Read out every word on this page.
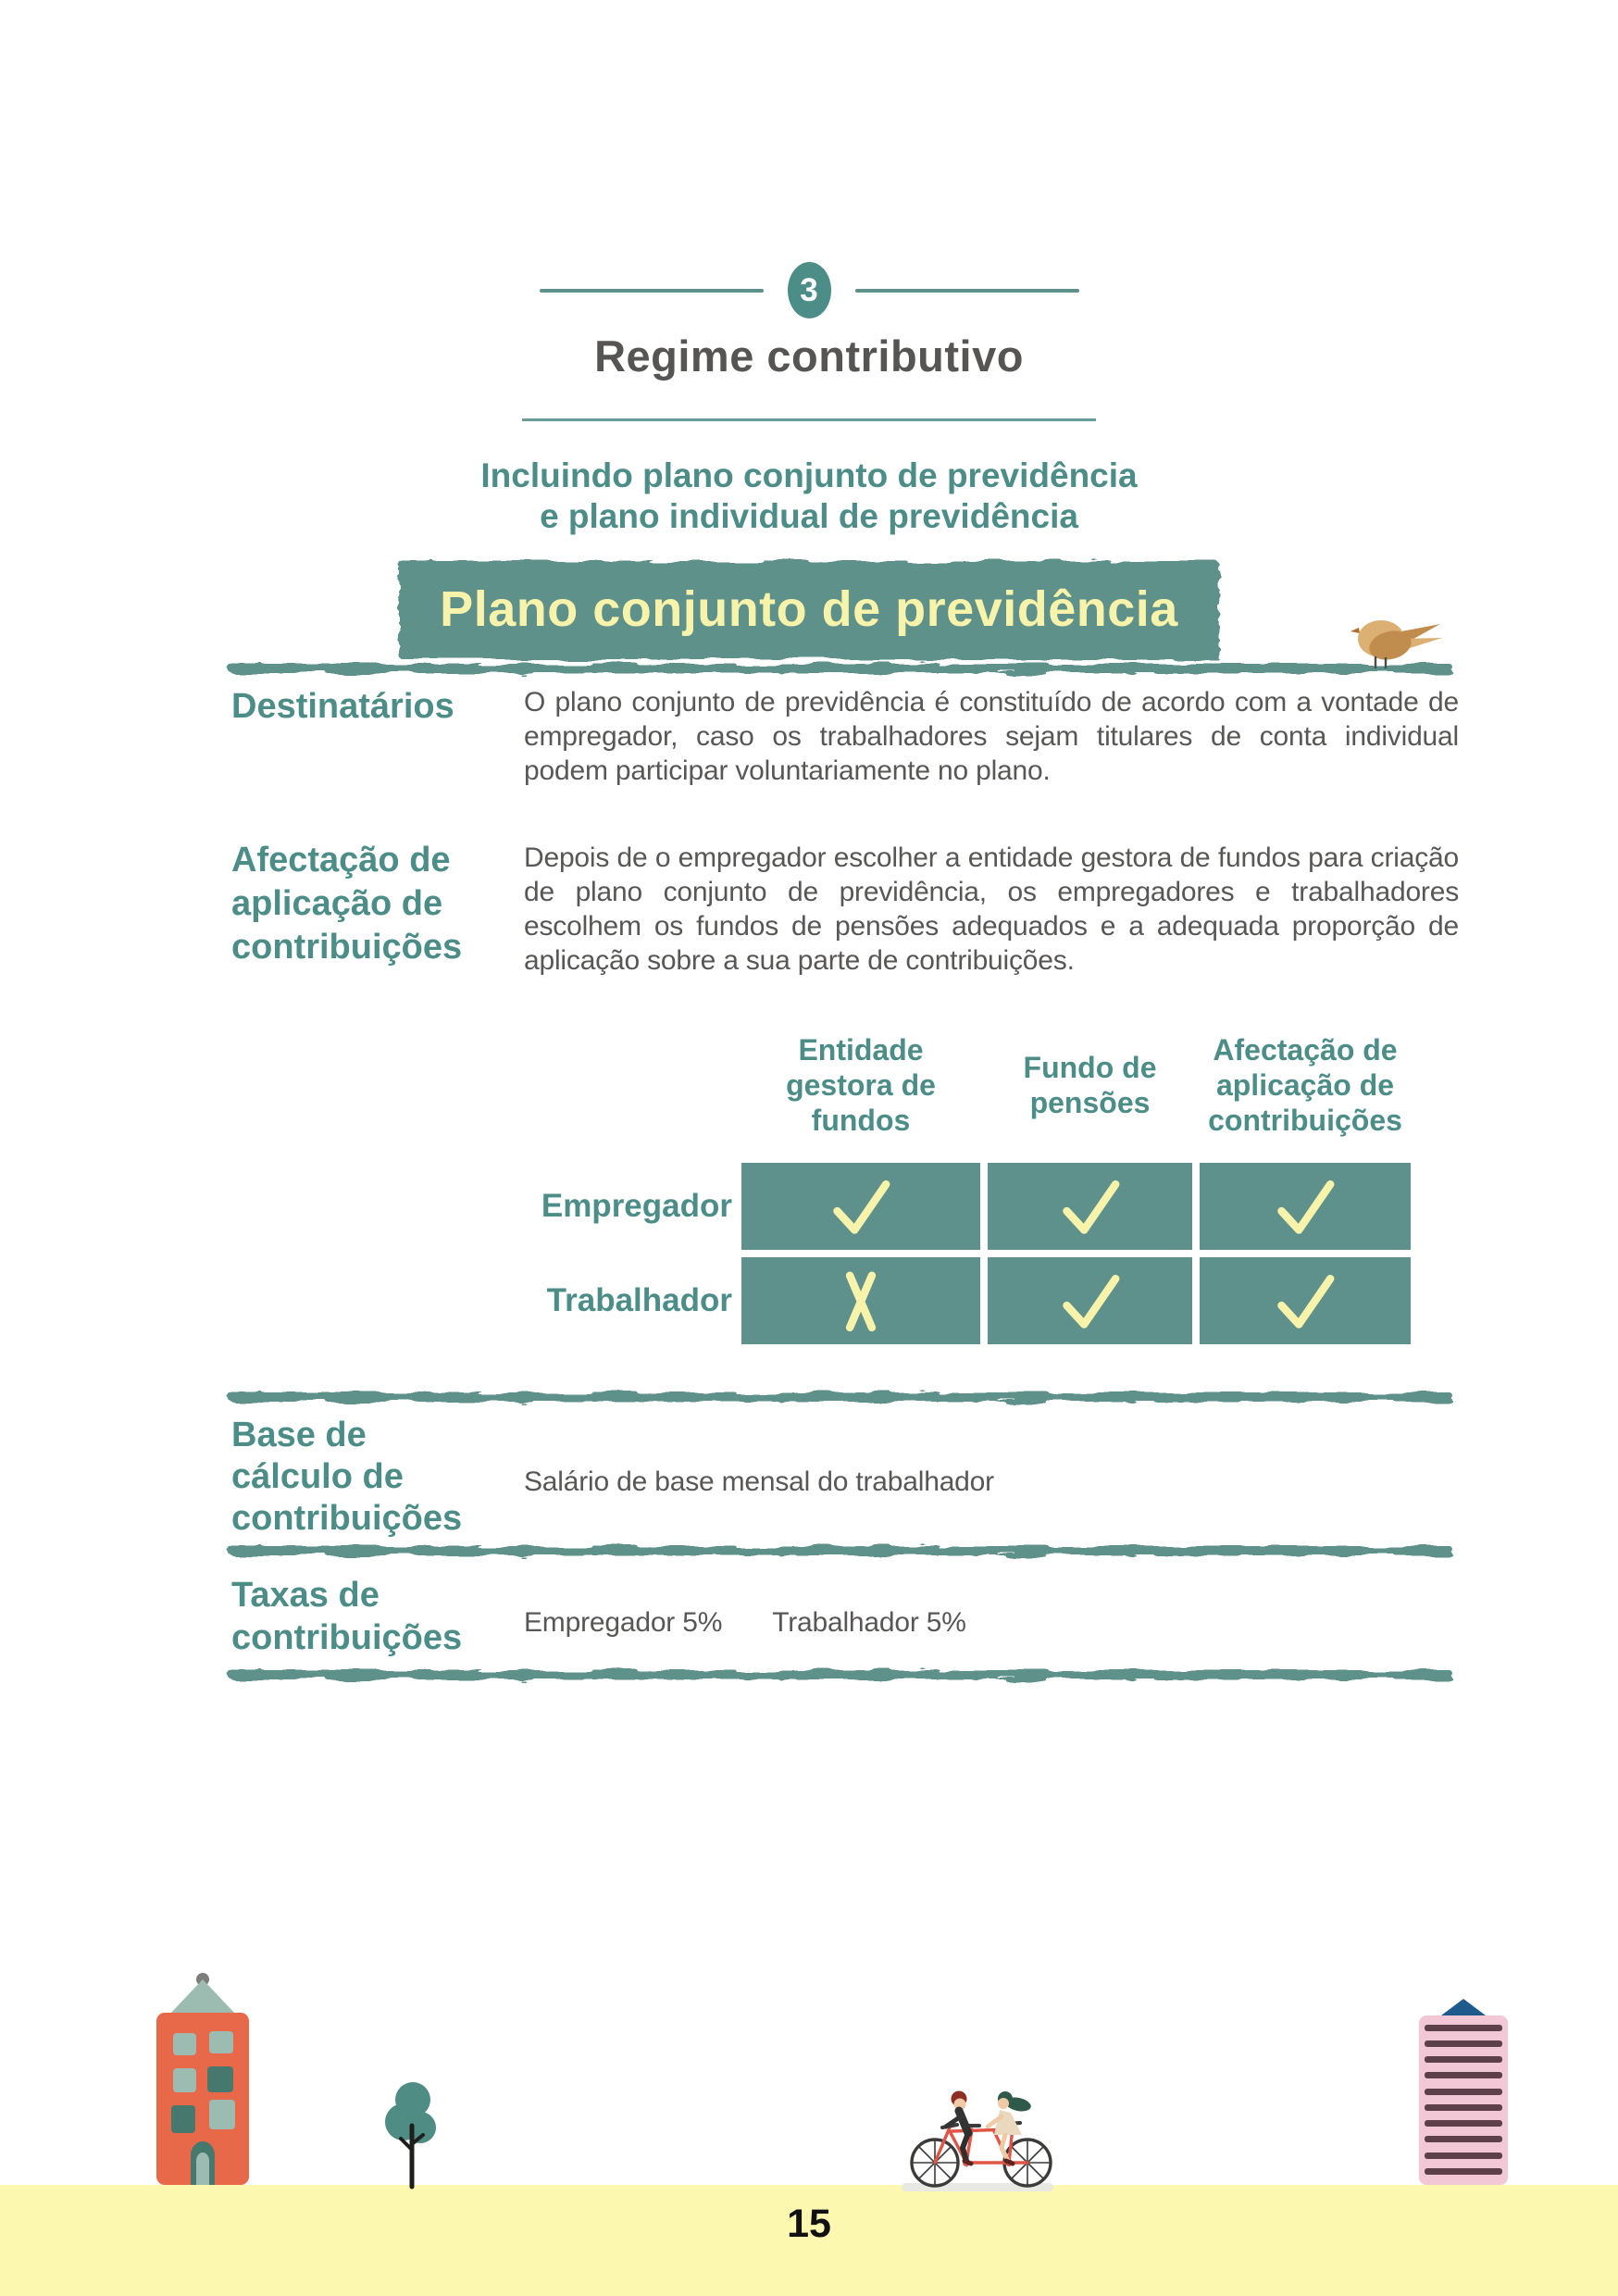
3
Regime contributivo
Incluindo plano conjunto de previdência
e plano individual de previdência
Plano conjunto de previdência
Destinatários	O plano conjunto de previdência é constituído de acordo com a vontade de empregador, caso os trabalhadores sejam titulares de conta individual podem participar voluntariamente no plano.
Afectação de aplicação de contribuições
Depois de o empregador escolher a entidade gestora de fundos para criação de plano conjunto de previdência, os empregadores e trabalhadores escolhem os fundos de pensões adequados e a adequada proporção de aplicação sobre a sua parte de contribuições.
Entidade gestora de fundos
Fundo de pensões
Afectação de aplicação de contribuições
Empregador
Trabalhador
Base de cálculo de contribuições
Salário de base mensal do trabalhador
Taxas de contribuições Empregador 5% Trabalhador 5%
15
